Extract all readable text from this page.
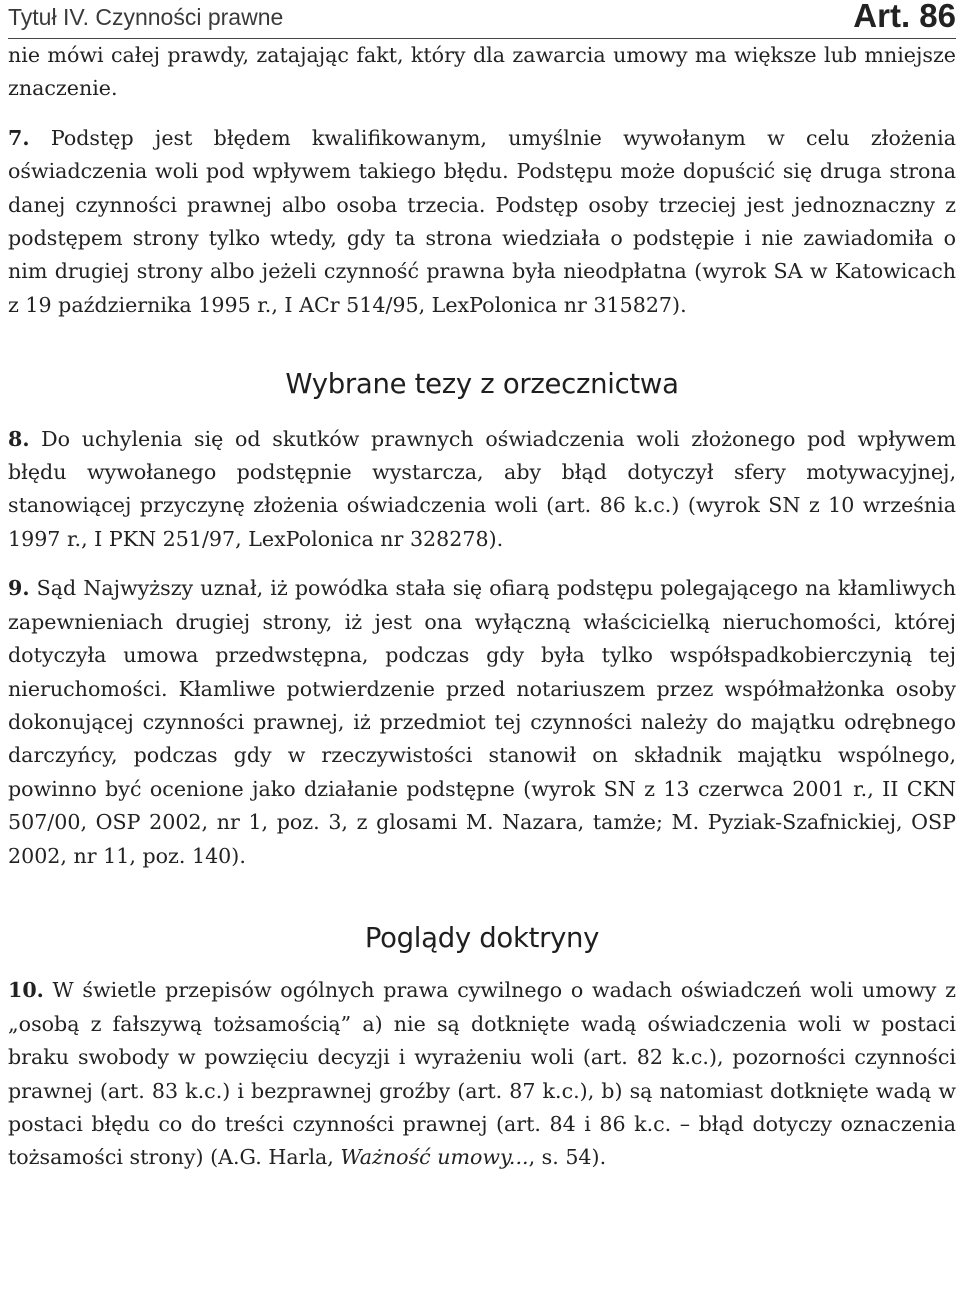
Tytuł IV. Czynności prawne	Art. 86

nie mówi całej prawdy, zatajając fakt, który dla zawarcia umowy ma większe lub mniejsze znaczenie.

7. Podstęp jest błędem kwalifikowanym, umyślnie wywołanym w celu złożenia oświadczenia woli pod wpływem takiego błędu. Podstępu może dopuścić się druga strona danej czynności prawnej albo osoba trzecia. Podstęp osoby trzeciej jest jednoznaczny z podstępem strony tylko wtedy, gdy ta strona wiedziała o podstępie i nie zawiadomiła o nim drugiej strony albo jeżeli czynność prawna była nieodpłatna (wyrok SA w Katowicach z 19 października 1995 r., I ACr 514/95, LexPolonica nr 315827).

Wybrane tezy z orzecznictwa

8. Do uchylenia się od skutków prawnych oświadczenia woli złożonego pod wpływem błędu wywołanego podstępnie wystarcza, aby błąd dotyczył sfery motywacyjnej, stanowiącej przyczynę złożenia oświadczenia woli (art. 86 k.c.) (wyrok SN z 10 września 1997 r., I PKN 251/97, LexPolonica nr 328278).

9. Sąd Najwyższy uznał, iż powódka stała się ofiarą podstępu polegającego na kłamliwych zapewnieniach drugiej strony, iż jest ona wyłączną właścicielką nieruchomości, której dotyczyła umowa przedwstępna, podczas gdy była tylko współspadkobierczynią tej nieruchomości. Kłamliwe potwierdzenie przed notariuszem przez współmałżonka osoby dokonującej czynności prawnej, iż przedmiot tej czynności należy do majątku odrębnego darczyńcy, podczas gdy w rzeczywistości stanowił on składnik majątku wspólnego, powinno być ocenione jako działanie podstępne (wyrok SN z 13 czerwca 2001 r., II CKN 507/00, OSP 2002, nr 1, poz. 3, z glosami M. Nazara, tamże; M. Pyziak-Szafnickiej, OSP 2002, nr 11, poz. 140).

Poglądy doktryny

10. W świetle przepisów ogólnych prawa cywilnego o wadach oświadczeń woli umowy z „osobą z fałszywą tożsamością” a) nie są dotknięte wadą oświadczenia woli w postaci braku swobody w powzięciu decyzji i wyrażeniu woli (art. 82 k.c.), pozorności czynności prawnej (art. 83 k.c.) i bezprawnej groźby (art. 87 k.c.), b) są natomiast dotknięte wadą w postaci błędu co do treści czynności prawnej (art. 84 i 86 k.c. – błąd dotyczy oznaczenia tożsamości strony) (A.G. Harla, Ważność umowy..., s. 54).
